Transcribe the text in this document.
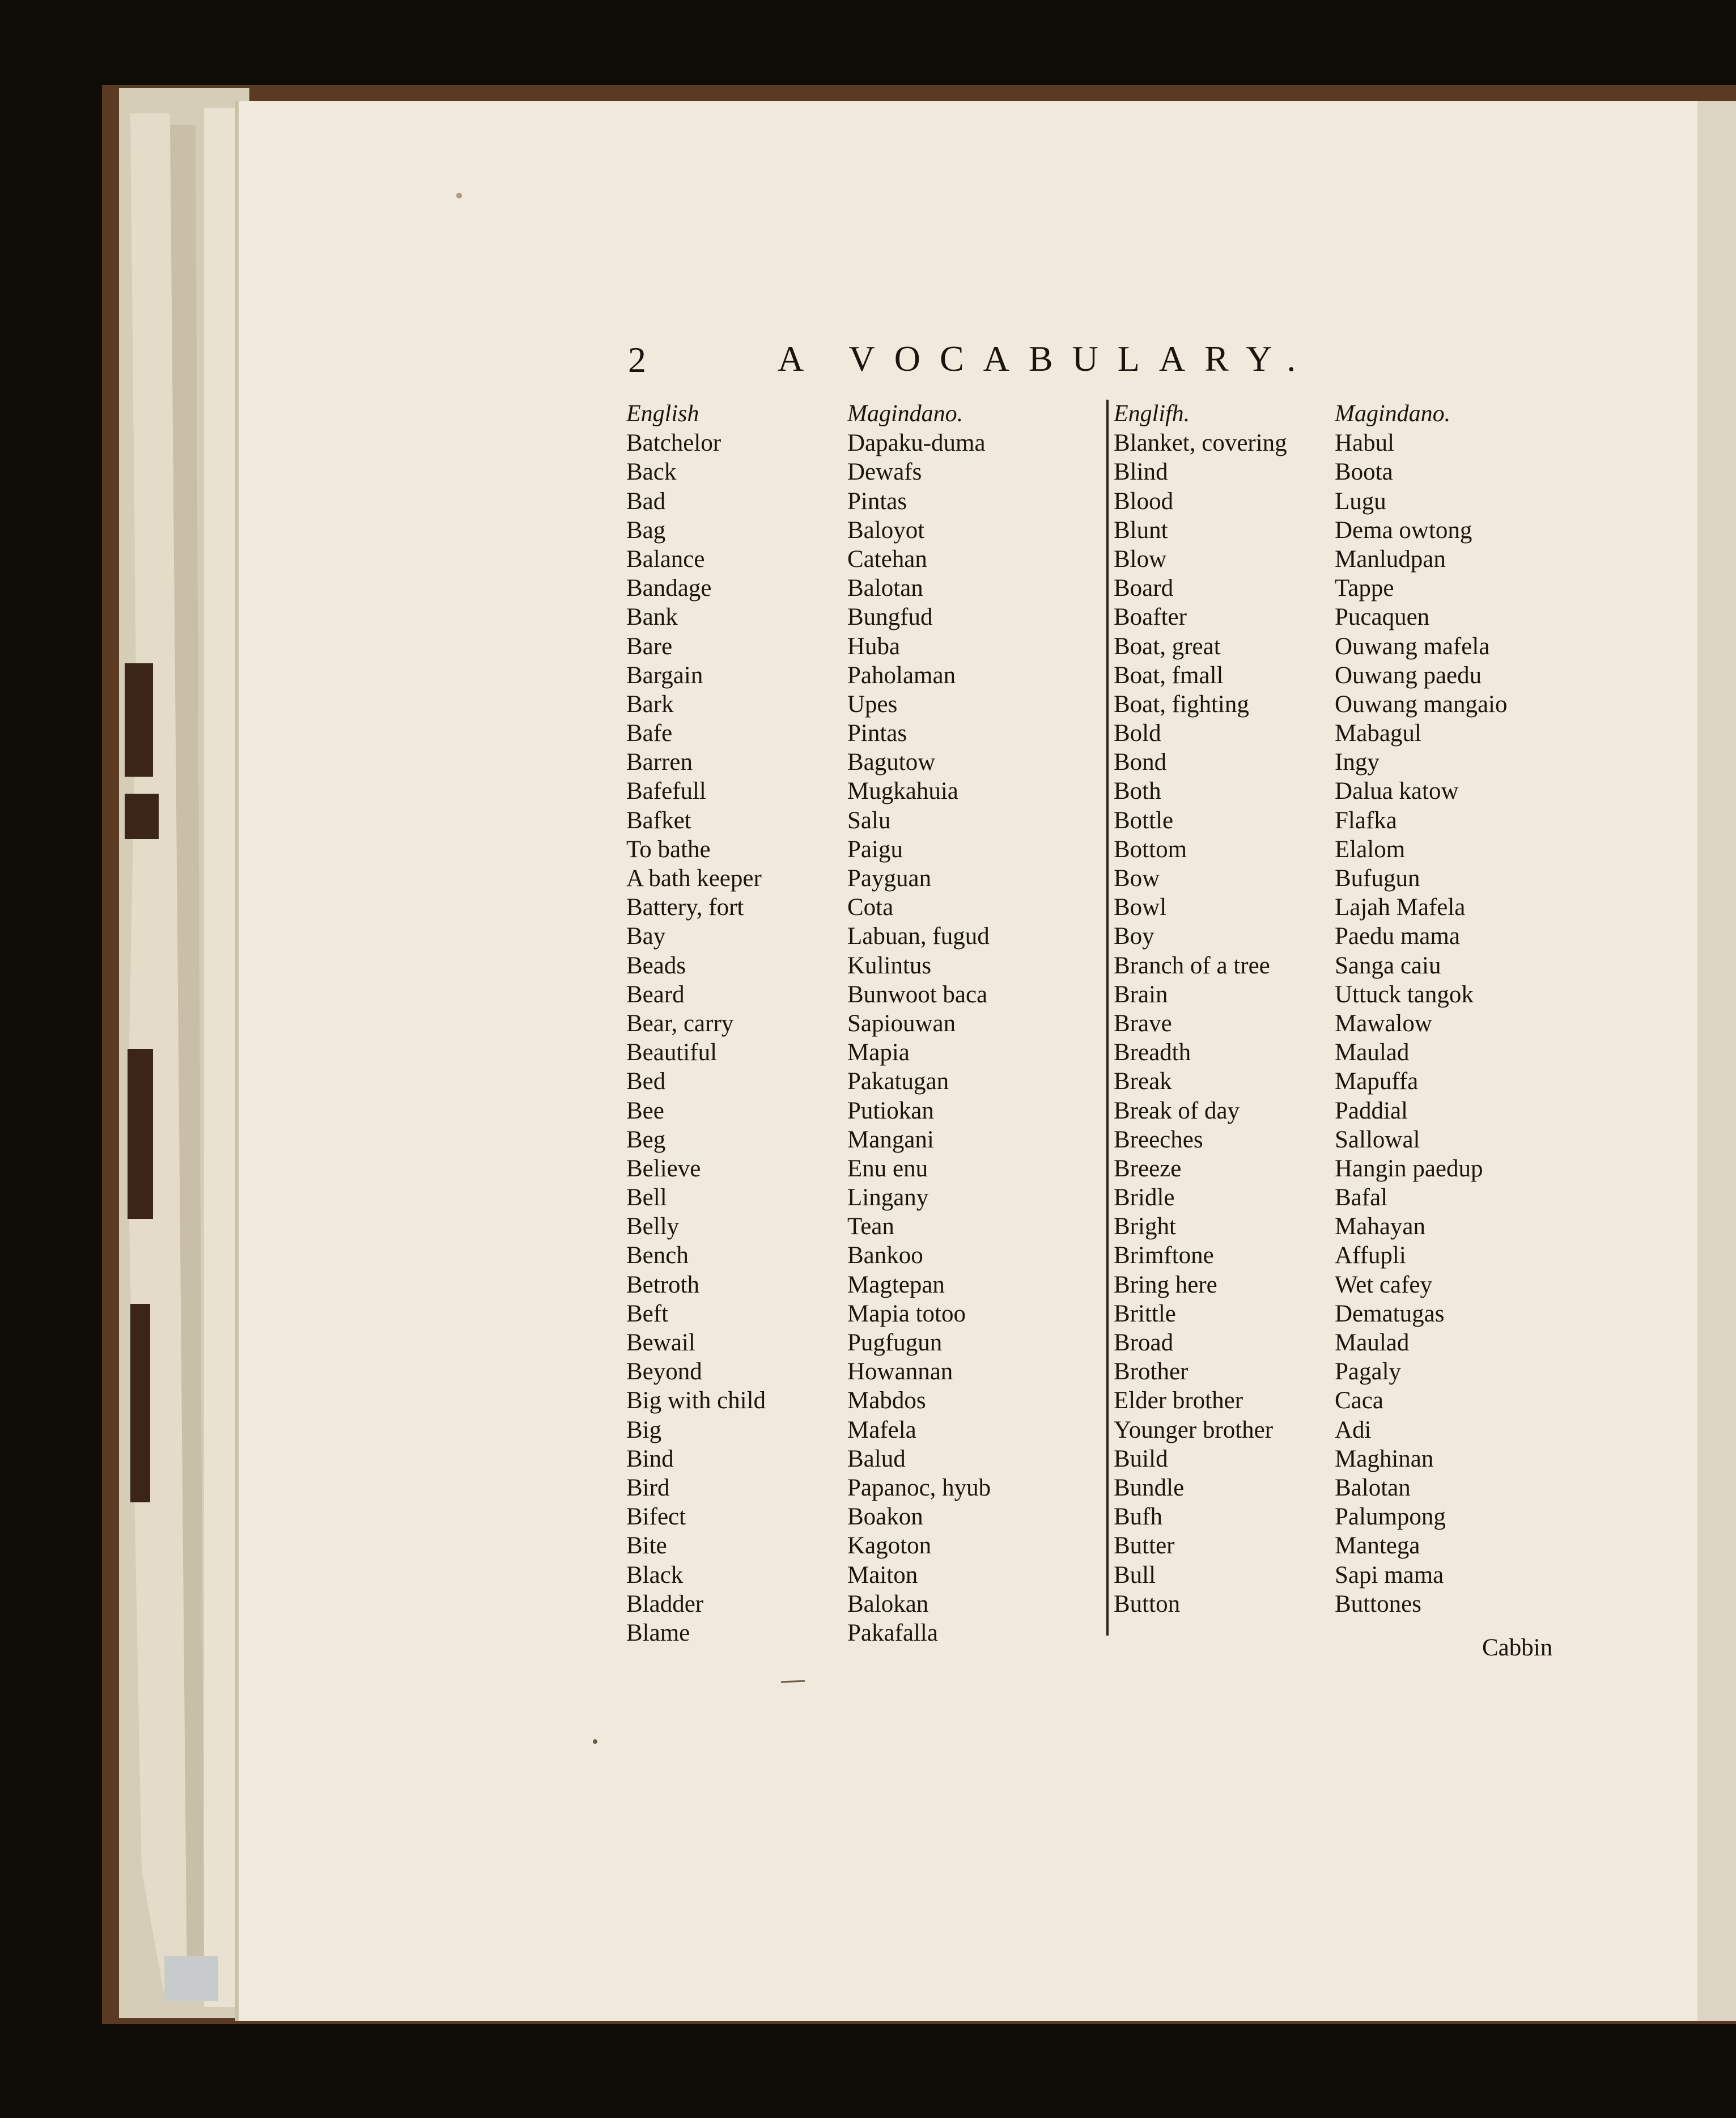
2	A VOCABULARY.
English
Batchelor
Back
Bad
Bag
Balance
Bandage
Bank
Bare
Bargain
Bark
Bafe
Barren
Bafefull
Bafket
To bathe
A bath keeper
Battery, fort
Bay
Beads
Beard
Bear, carry
Beautiful
Bed
Bee
Beg
Believe
Bell
Belly
Bench
Betroth
Beft
Bewail
Beyond
Big with child
Big
Bind
Bird
Bifect
Bite
Black
Bladder
Blame
Magindano.
Dapaku-duma
Dewafs
Pintas
Baloyot
Catehan
Balotan
Bungfud
Huba
Paholaman
Upes
Pintas
Bagutow
Mugkahuia
Salu
Paigu
Payguan
Cota
Labuan, fugud
Kulintus
Bunwoot baca
Sapiouwan
Mapia
Pakatugan
Putiokan
Mangani
Enu enu
Lingany
Tean
Bankoo
Magtepan
Mapia totoo
Pugfugun
Howannan
Mabdos
Mafela
Balud
Papanoc, hyub
Boakon
Kagoton
Maiton
Balokan
Pakafalla
Englifh.
Blanket, covering
Blind
Blood
Blunt
Blow
Board
Boafter
Boat, great
Boat, fmall
Boat, fighting
Bold
Bond
Both
Bottle
Bottom
Bow
Bowl
Boy
Branch of a tree
Brain
Brave
Breadth
Break
Break of day
Breeches
Breeze
Bridle
Bright
Brimftone
Bring here
Brittle
Broad
Brother
Elder brother
Younger brother
Build
Bundle
Bufh
Butter
Bull
Button
Magindano.
Habul
Boota
Lugu
Dema owtong
Manludpan
Tappe
Pucaquen
Ouwang mafela
Ouwang paedu
Ouwang mangaio
Mabagul
Ingy
Dalua katow
Flafka
Elalom
Bufugun
Lajah Mafela
Paedu mama
Sanga caiu
Uttuck tangok
Mawalow
Maulad
Mapuffa
Paddial
Sallowal
Hangin paedup
Bafal
Mahayan
Affupli
Wet cafey
Dematugas
Maulad
Pagaly
Caca
Adi
Maghinan
Balotan
Palumpong
Mantega
Sapi mama
Buttones
Cabbin
